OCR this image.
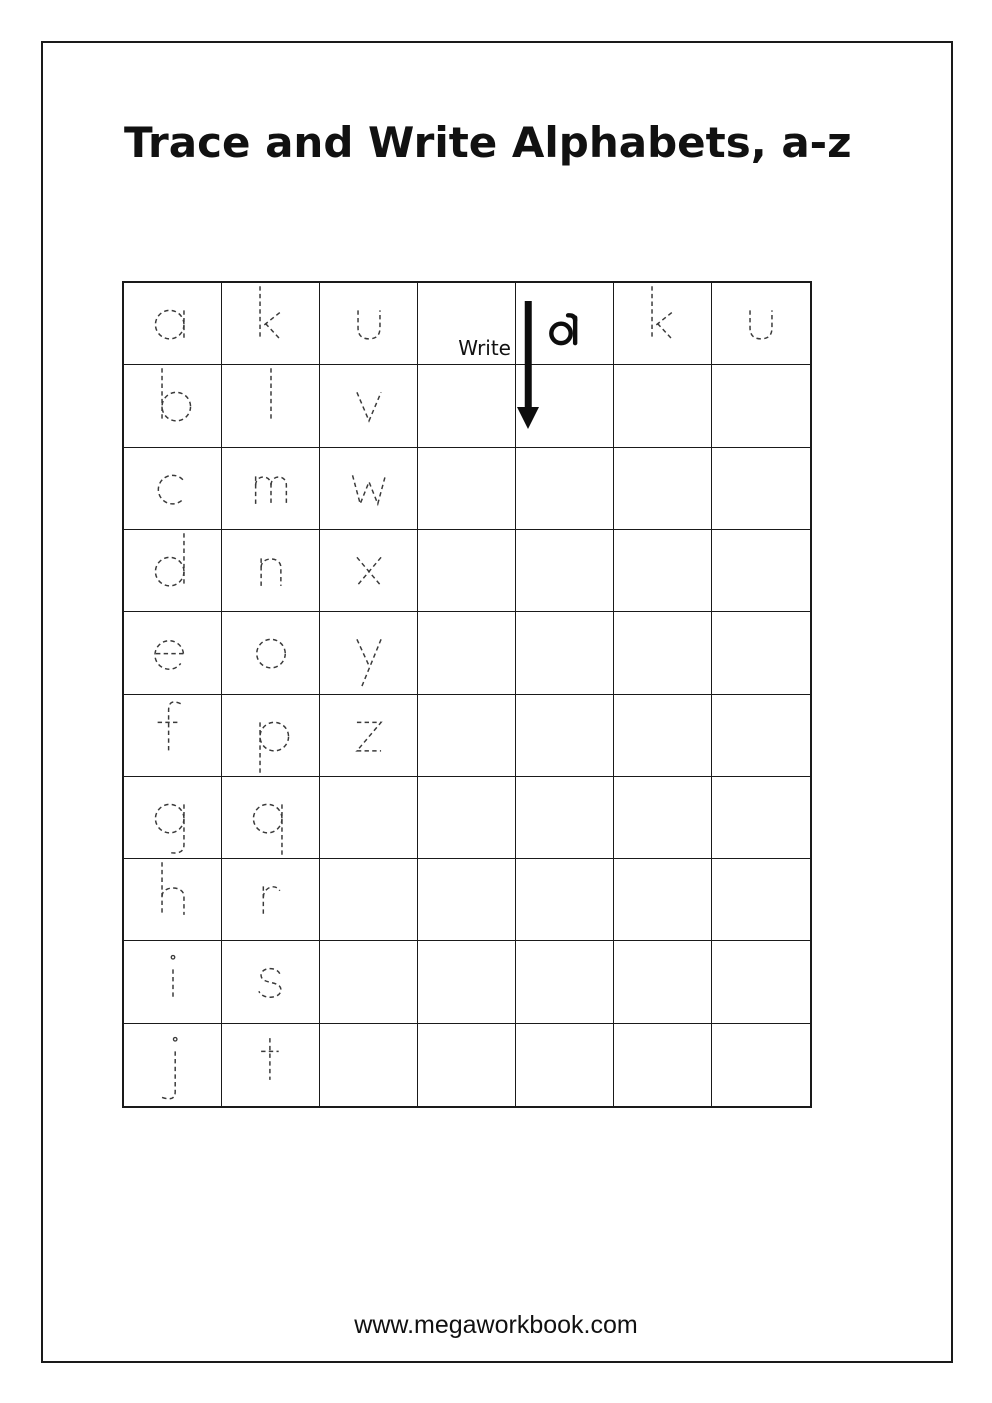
Trace and Write Alphabets, a-z
Write
www.megaworkbook.com
